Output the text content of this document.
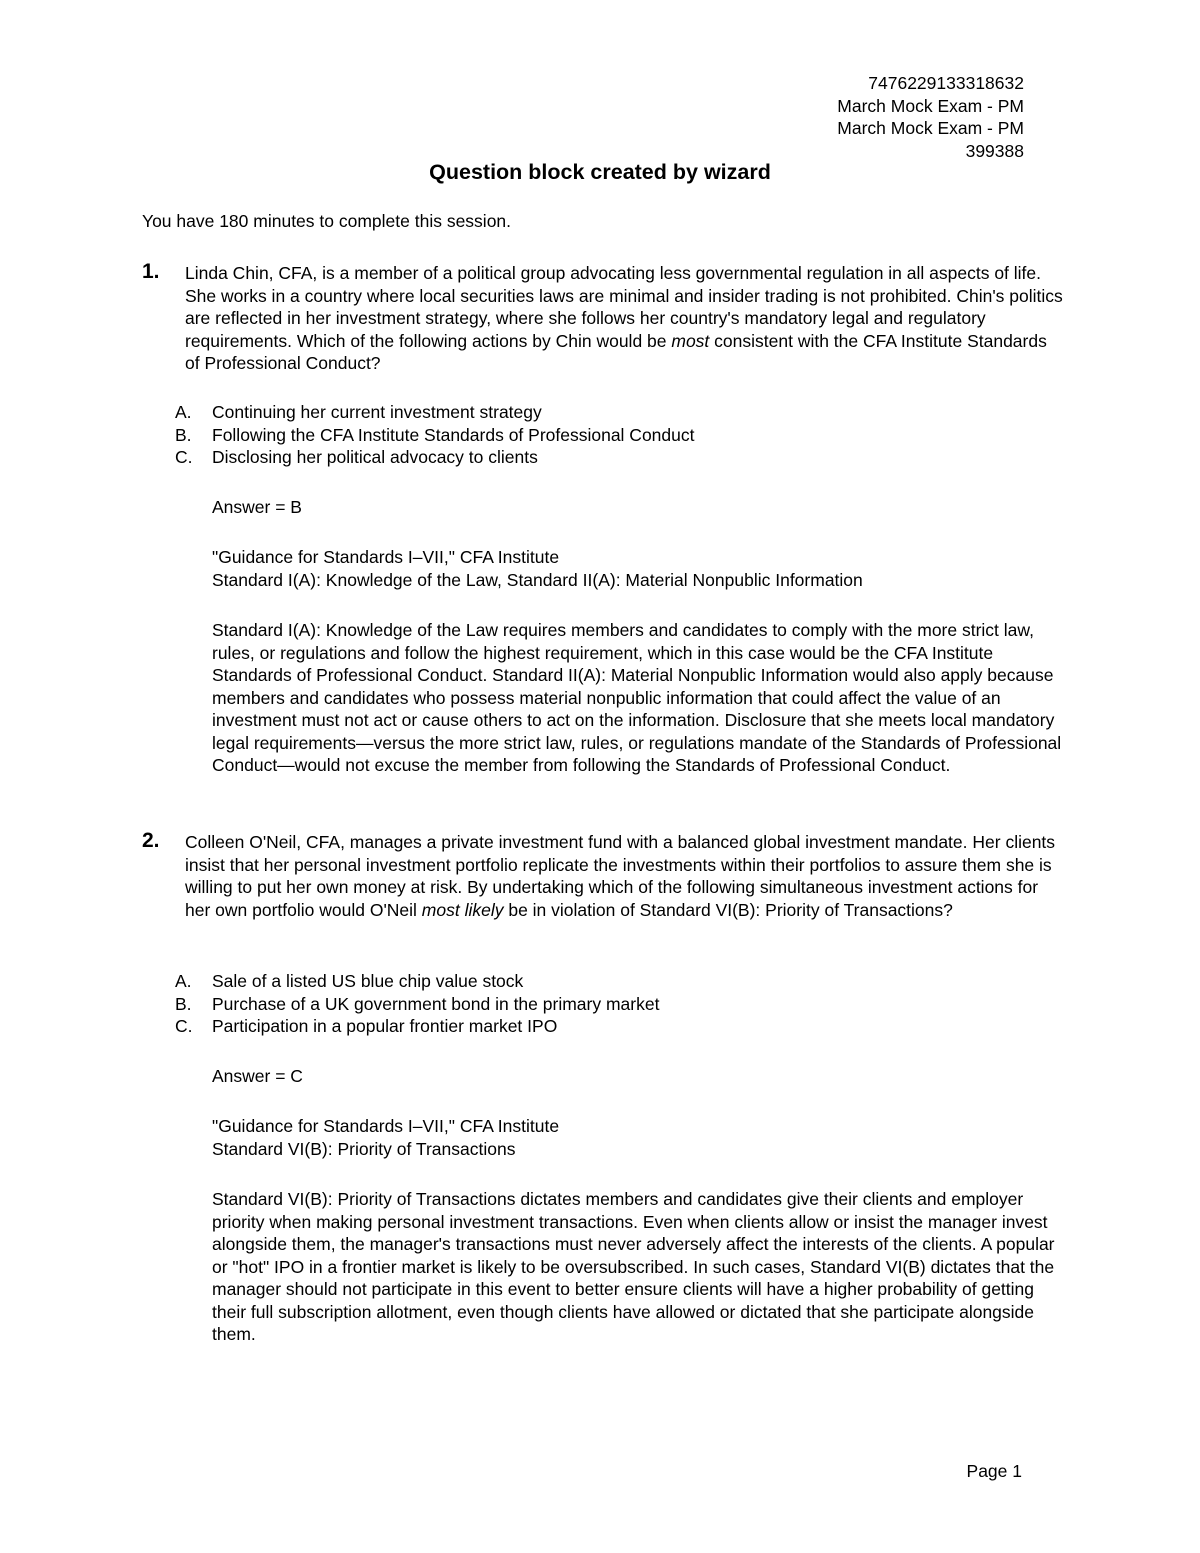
7476229133318632
March Mock Exam - PM
March Mock Exam - PM
399388
Question block created by wizard
You have 180 minutes to complete this session.
1. Linda Chin, CFA, is a member of a political group advocating less governmental regulation in all aspects of life. She works in a country where local securities laws are minimal and insider trading is not prohibited. Chin's politics are reflected in her investment strategy, where she follows her country's mandatory legal and regulatory requirements. Which of the following actions by Chin would be most consistent with the CFA Institute Standards of Professional Conduct?
A. Continuing her current investment strategy
B. Following the CFA Institute Standards of Professional Conduct
C. Disclosing her political advocacy to clients
Answer = B
"Guidance for Standards I–VII," CFA Institute
Standard I(A): Knowledge of the Law, Standard II(A): Material Nonpublic Information
Standard I(A): Knowledge of the Law requires members and candidates to comply with the more strict law, rules, or regulations and follow the highest requirement, which in this case would be the CFA Institute Standards of Professional Conduct. Standard II(A): Material Nonpublic Information would also apply because members and candidates who possess material nonpublic information that could affect the value of an investment must not act or cause others to act on the information. Disclosure that she meets local mandatory legal requirements—versus the more strict law, rules, or regulations mandate of the Standards of Professional Conduct—would not excuse the member from following the Standards of Professional Conduct.
2. Colleen O'Neil, CFA, manages a private investment fund with a balanced global investment mandate. Her clients insist that her personal investment portfolio replicate the investments within their portfolios to assure them she is willing to put her own money at risk. By undertaking which of the following simultaneous investment actions for her own portfolio would O'Neil most likely be in violation of Standard VI(B): Priority of Transactions?
A. Sale of a listed US blue chip value stock
B. Purchase of a UK government bond in the primary market
C. Participation in a popular frontier market IPO
Answer = C
"Guidance for Standards I–VII," CFA Institute
Standard VI(B): Priority of Transactions
Standard VI(B): Priority of Transactions dictates members and candidates give their clients and employer priority when making personal investment transactions. Even when clients allow or insist the manager invest alongside them, the manager's transactions must never adversely affect the interests of the clients. A popular or "hot" IPO in a frontier market is likely to be oversubscribed. In such cases, Standard VI(B) dictates that the manager should not participate in this event to better ensure clients will have a higher probability of getting their full subscription allotment, even though clients have allowed or dictated that she participate alongside them.
Page 1
